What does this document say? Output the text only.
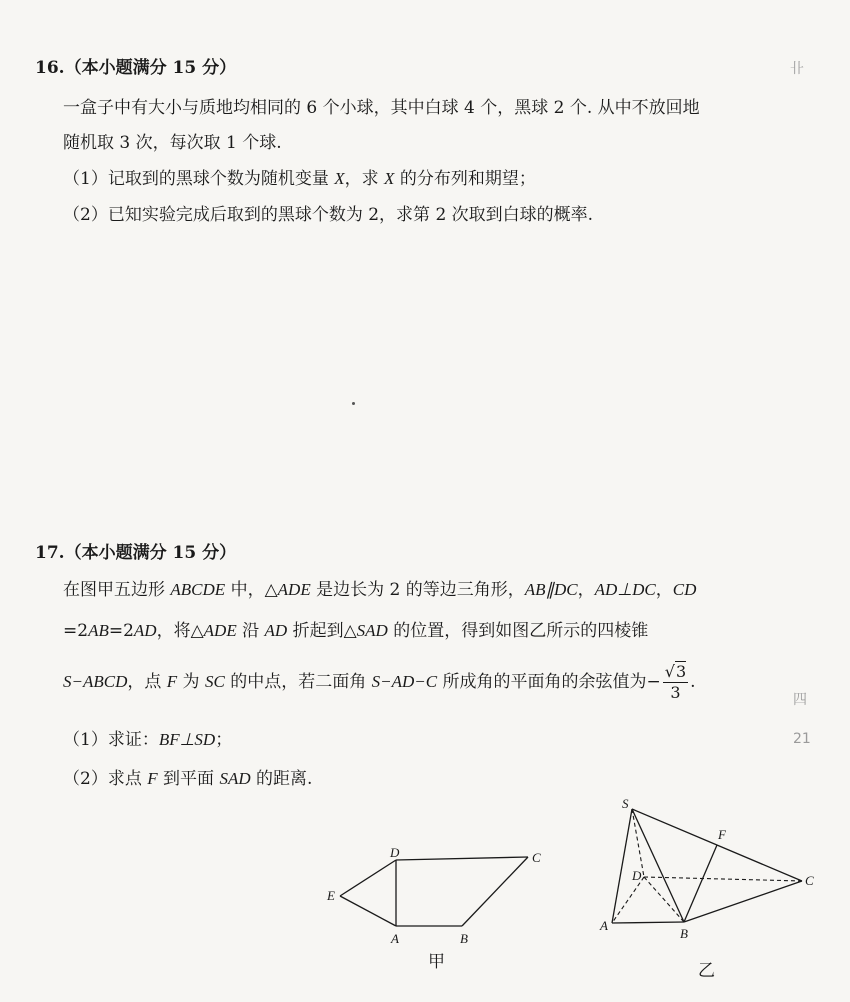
16.（本小题满分 15 分）
一盒子中有大小与质地均相同的 6 个小球，其中白球 4 个，黑球 2 个. 从中不放回地
随机取 3 次，每次取 1 个球.
（1）记取到的黑球个数为随机变量 X，求 X 的分布列和期望；
（2）已知实验完成后取到的黑球个数为 2，求第 2 次取到白球的概率.
卝
17.（本小题满分 15 分）
在图甲五边形 ABCDE 中，△ADE 是边长为 2 的等边三角形，AB∥DC，AD⊥DC，CD
=2AB=2AD，将△ADE 沿 AD 折起到△SAD 的位置，得到如图乙所示的四棱锥
S−ABCD，点 F 为 SC 的中点，若二面角 S−AD−C 所成角的平面角的余弦值为− $\frac{√3}{3}$ .
四
21
（1）求证：BF⊥SD；
（2）求点 F 到平面 SAD 的距离.
E
D	C
A	B
甲
S
F
D	C
A
B
乙
